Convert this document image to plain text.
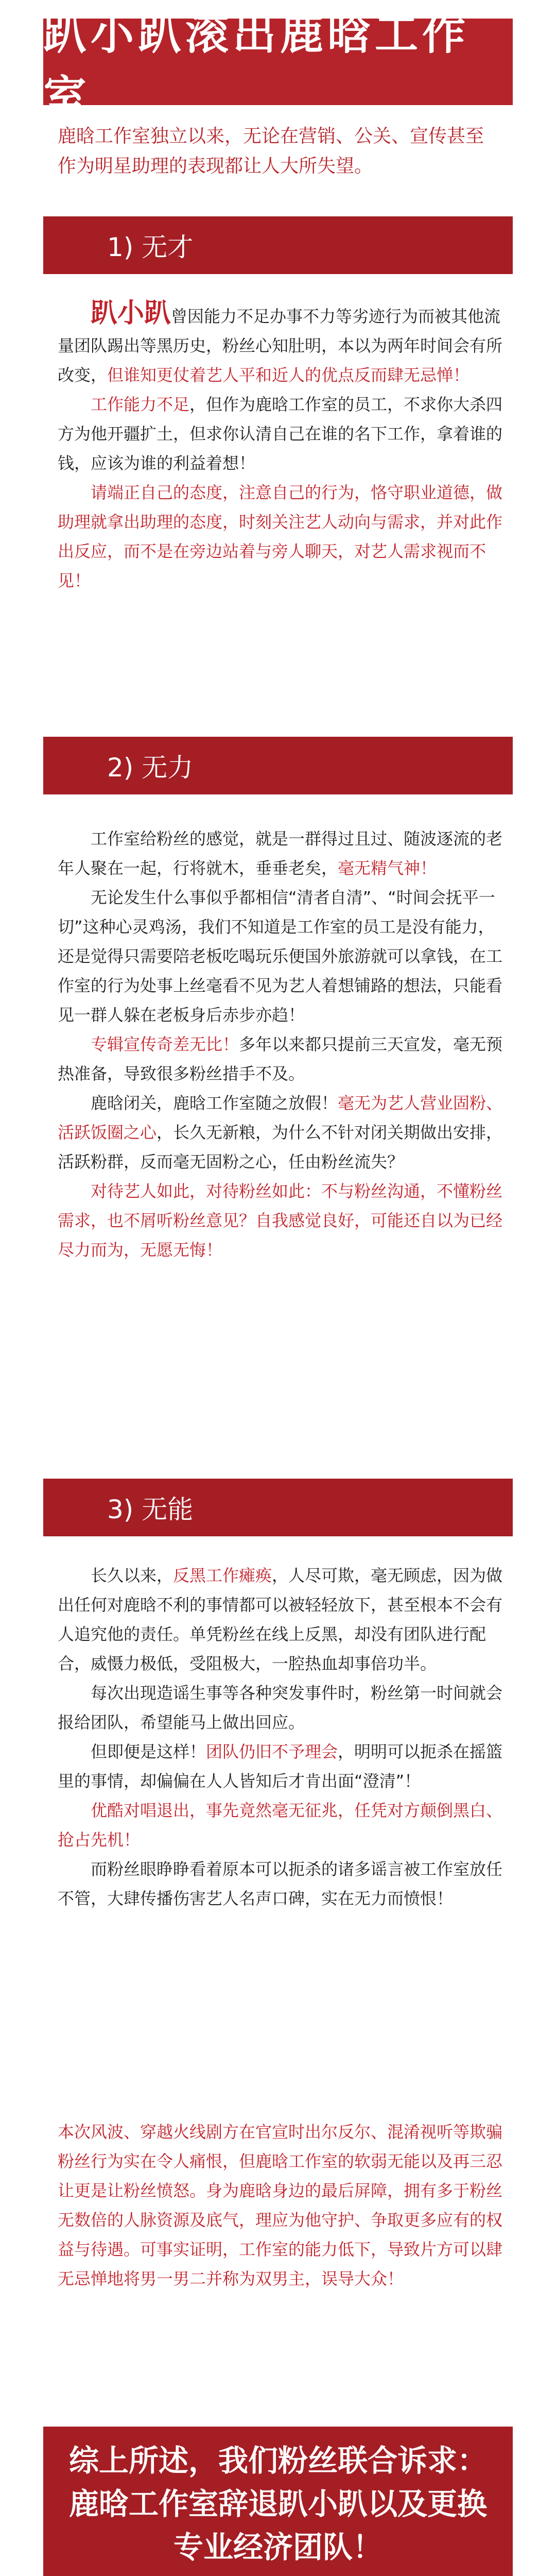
趴小趴滚出鹿晗工作室
鹿晗工作室独立以来，无论在营销、公关、宣传甚至作为明星助理的表现都让人大所失望。
1) 无才

趴小趴曾因能力不足办事不力等劣迹行为而被其他流量团队踢出等黑历史，粉丝心知肚明，本以为两年时间会有所改变，但谁知更仗着艺人平和近人的优点反而肆无忌惮！

工作能力不足，但作为鹿晗工作室的员工，不求你大杀四方为他开疆扩土，但求你认清自己在谁的名下工作，拿着谁的钱，应该为谁的利益着想！

请端正自己的态度，注意自己的行为，恪守职业道德，做助理就拿出助理的态度，时刻关注艺人动向与需求，并对此作出反应，而不是在旁边站着与旁人聊天，对艺人需求视而不见！

2) 无力

工作室给粉丝的感觉，就是一群得过且过、随波逐流的老年人聚在一起，行将就木，垂垂老矣，毫无精气神！

无论发生什么事似乎都相信“清者自清”、“时间会抚平一切”这种心灵鸡汤，我们不知道是工作室的员工是没有能力，还是觉得只需要陪老板吃喝玩乐便国外旅游就可以拿钱，在工作室的行为处事上丝毫看不见为艺人着想铺路的想法，只能看见一群人躲在老板身后赤步亦趋！

专辑宣传奇差无比！多年以来都只提前三天宣发，毫无预热准备，导致很多粉丝措手不及。

鹿晗闭关，鹿晗工作室随之放假！毫无为艺人营业固粉、活跃饭圈之心，长久无新粮，为什么不针对闭关期做出安排，活跃粉群，反而毫无固粉之心，任由粉丝流失？

对待艺人如此，对待粉丝如此：不与粉丝沟通，不懂粉丝需求，也不屑听粉丝意见？自我感觉良好，可能还自以为已经尽力而为，无愿无悔！

3) 无能

长久以来，反黑工作瘫痪，人尽可欺，毫无顾虑，因为做出任何对鹿晗不利的事情都可以被轻轻放下，甚至根本不会有人追究他的责任。单凭粉丝在线上反黑，却没有团队进行配合，威慑力极低，受阻极大，一腔热血却事倍功半。

每次出现造谣生事等各种突发事件时，粉丝第一时间就会报给团队，希望能马上做出回应。

但即便是这样！团队仍旧不予理会，明明可以扼杀在摇篮里的事情，却偏偏在人人皆知后才肯出面“澄清”！

优酷对唱退出，事先竟然毫无征兆，任凭对方颠倒黑白、抢占先机！

而粉丝眼睁睁看着原本可以扼杀的诸多谣言被工作室放任不管，大肆传播伤害艺人名声口碑，实在无力而愤恨！

本次风波、穿越火线剧方在官宣时出尔反尔、混淆视听等欺骗粉丝行为实在令人痛恨，但鹿晗工作室的软弱无能以及再三忍让更是让粉丝愤怒。身为鹿晗身边的最后屏障，拥有多于粉丝无数倍的人脉资源及底气，理应为他守护、争取更多应有的权益与待遇。可事实证明，工作室的能力低下，导致片方可以肆无忌惮地将男一男二并称为双男主，误导大众！

综上所述，我们粉丝联合诉求：
鹿晗工作室辞退趴小趴以及更换
专业经济团队！
